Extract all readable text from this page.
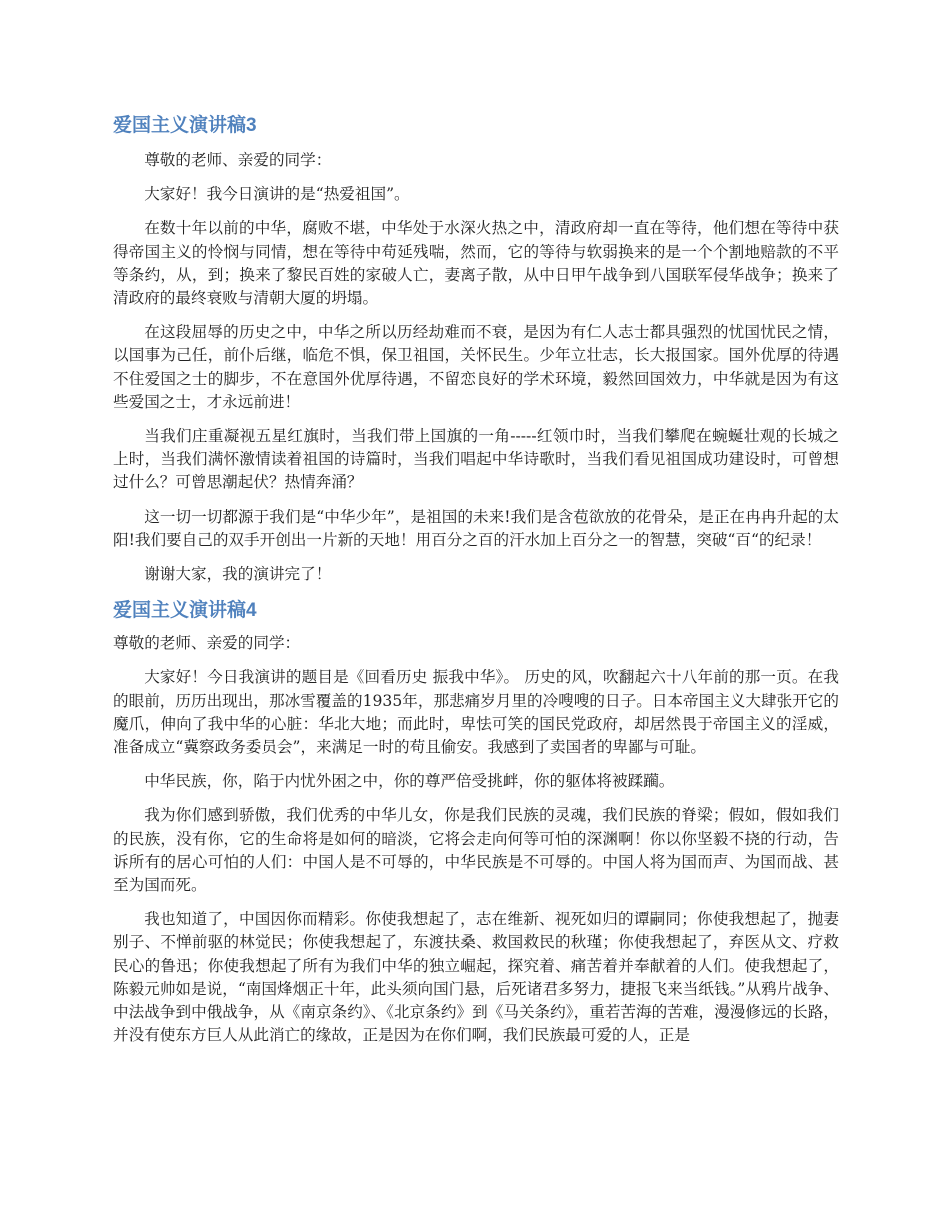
爱国主义演讲稿3

尊敬的老师、亲爱的同学：

大家好！我今日演讲的是“热爱祖国”。

在数十年以前的中华，腐败不堪，中华处于水深火热之中，清政府却一直在等待，他们想在等待中获得帝国主义的怜悯与同情，想在等待中苟延残喘，然而，它的等待与软弱换来的是一个个割地赔款的不平等条约，从，到；换来了黎民百姓的家破人亡，妻离子散，从中日甲午战争到八国联军侵华战争；换来了清政府的最终衰败与清朝大厦的坍塌。

在这段屈辱的历史之中，中华之所以历经劫难而不衰，是因为有仁人志士都具强烈的忧国忧民之情，以国事为己任，前仆后继，临危不惧，保卫祖国，关怀民生。少年立壮志，长大报国家。国外优厚的待遇不住爱国之士的脚步，不在意国外优厚待遇，不留恋良好的学术环境，毅然回国效力，中华就是因为有这些爱国之士，才永远前进！

当我们庄重凝视五星红旗时，当我们带上国旗的一角-----红领巾时，当我们攀爬在蜿蜒壮观的长城之上时，当我们满怀激情读着祖国的诗篇时，当我们唱起中华诗歌时，当我们看见祖国成功建设时，可曾想过什么？可曾思潮起伏？热情奔涌？

这一切一切都源于我们是“中华少年”，是祖国的未来!我们是含苞欲放的花骨朵，是正在冉冉升起的太阳!我们要自己的双手开创出一片新的天地！用百分之百的汗水加上百分之一的智慧，突破“百“的纪录！

谢谢大家，我的演讲完了！

爱国主义演讲稿4

尊敬的老师、亲爱的同学：

大家好！今日我演讲的题目是《回看历史 振我中华》。 历史的风，吹翻起六十八年前的那一页。在我的眼前，历历出现出，那冰雪覆盖的1935年，那悲痛岁月里的冷嗖嗖的日子。日本帝国主义大肆张开它的魔爪，伸向了我中华的心脏：华北大地；而此时，卑怯可笑的国民党政府，却居然畏于帝国主义的淫威，准备成立“冀察政务委员会”，来满足一时的苟且偷安。我感到了卖国者的卑鄙与可耻。

中华民族，你，陷于内忧外困之中，你的尊严倍受挑衅，你的躯体将被蹂躏。

我为你们感到骄傲，我们优秀的中华儿女，你是我们民族的灵魂，我们民族的脊梁；假如，假如我们的民族，没有你，它的生命将是如何的暗淡，它将会走向何等可怕的深渊啊！你以你坚毅不挠的行动，告诉所有的居心可怕的人们：中国人是不可辱的，中华民族是不可辱的。中国人将为国而声、为国而战、甚至为国而死。

我也知道了，中国因你而精彩。你使我想起了，志在维新、视死如归的谭嗣同；你使我想起了，抛妻别子、不惮前驱的林觉民；你使我想起了，东渡扶桑、救国救民的秋瑾；你使我想起了，弃医从文、疗救民心的鲁迅；你使我想起了所有为我们中华的独立崛起，探究着、痛苦着并奉献着的人们。使我想起了，陈毅元帅如是说，“南国烽烟正十年，此头须向国门悬，后死诸君多努力，捷报飞来当纸钱。”从鸦片战争、中法战争到中俄战争，从《南京条约》、《北京条约》到《马关条约》，重若苦海的苦难，漫漫修远的长路，并没有使东方巨人从此消亡的缘故，正是因为在你们啊，我们民族最可爱的人，正是
